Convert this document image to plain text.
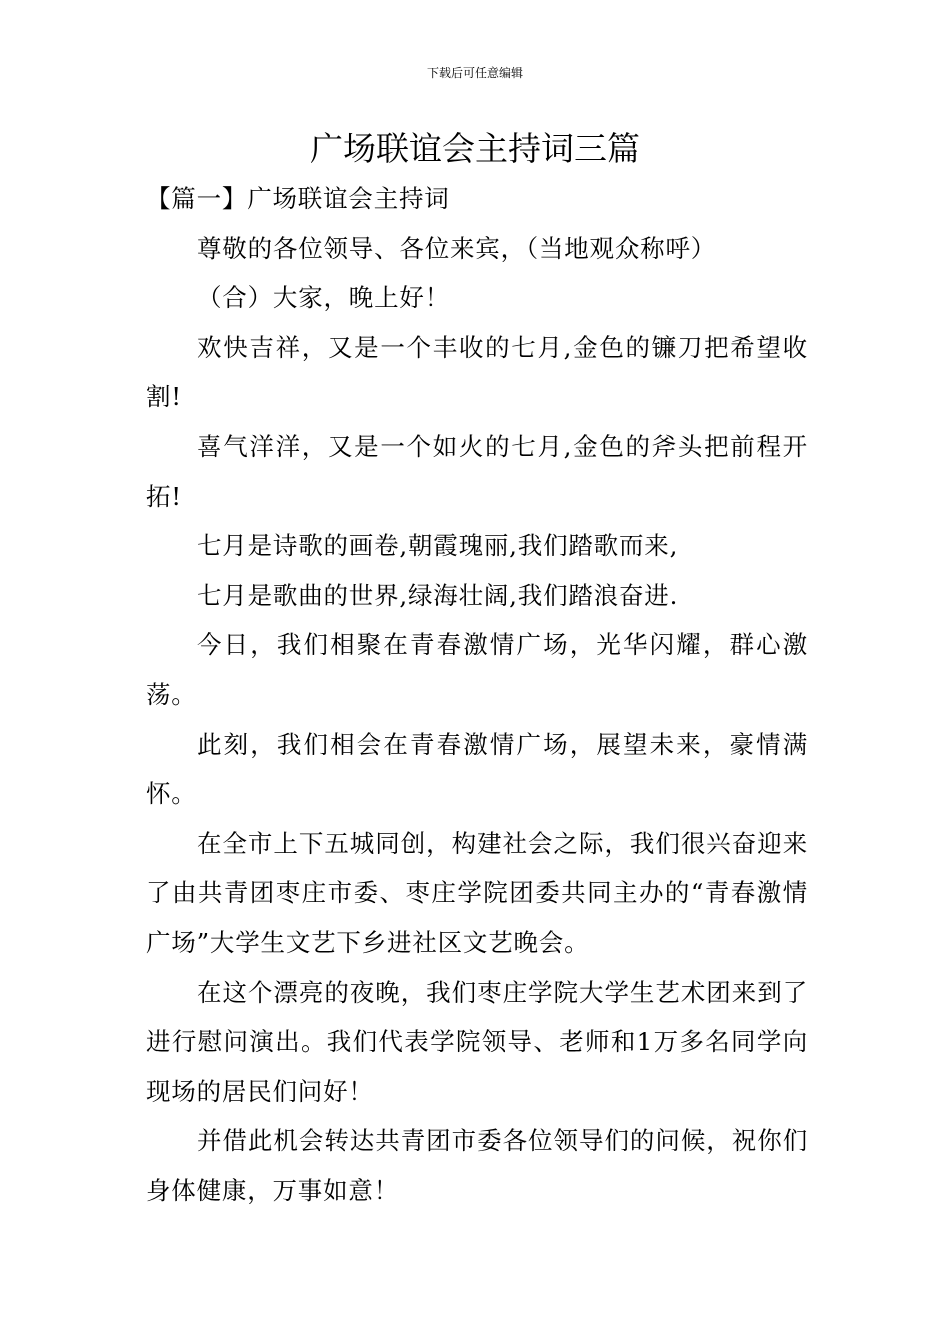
下载后可任意编辑
广场联谊会主持词三篇

【篇一】广场联谊会主持词

尊敬的各位领导、各位来宾，（当地观众称呼）

（合）大家，晚上好！

欢快吉祥，又是一个丰收的七月,金色的镰刀把希望收割!

喜气洋洋，又是一个如火的七月,金色的斧头把前程开拓!

七月是诗歌的画卷,朝霞瑰丽,我们踏歌而来,

七月是歌曲的世界,绿海壮阔,我们踏浪奋进.

今日，我们相聚在青春激情广场，光华闪耀，群心激荡。

此刻，我们相会在青春激情广场，展望未来，豪情满怀。

在全市上下五城同创，构建社会之际，我们很兴奋迎来了由共青团枣庄市委、枣庄学院团委共同主办的“青春激情广场”大学生文艺下乡进社区文艺晚会。

在这个漂亮的夜晚，我们枣庄学院大学生艺术团来到了进行慰问演出。我们代表学院领导、老师和1万多名同学向现场的居民们问好！

并借此机会转达共青团市委各位领导们的问候，祝你们身体健康，万事如意！
